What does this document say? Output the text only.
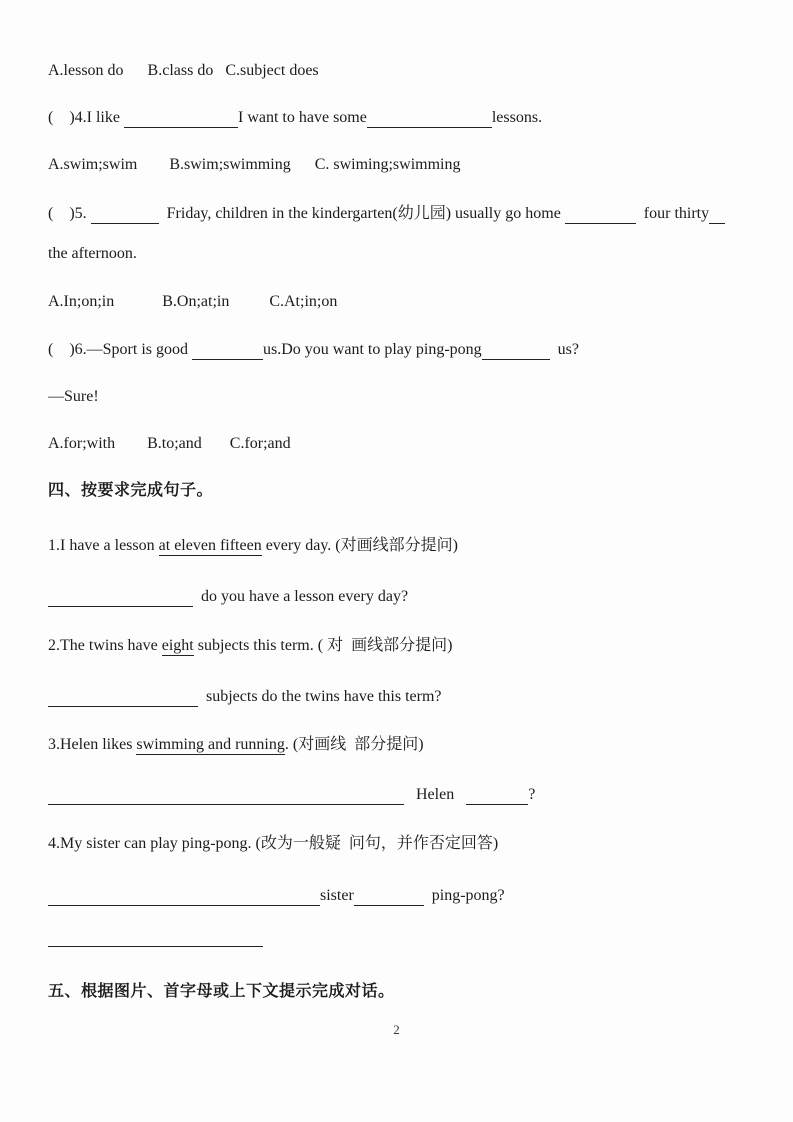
A.lesson do      B.class do   C.subject does
(    )4.I like	I want to have some	lessons.
A.swim;swim        B.swim;swimming      C. swiming;swimming
(    )5.	Friday, children in the kindergarten(幼儿园) usually go home	four thirty
the afternoon.
A.In;on;in            B.On;at;in          C.At;in;on
(    )6.—Sport is good	us.Do you want to play ping-pong	us?
—Sure!
A.for;with        B.to;and       C.for;and
四、按要求完成句子。
1.I have a lesson at eleven fifteen every day. (对画线部分提问)
do you have a lesson every day?
2.The twins have eight subjects this term. ( 对  画线部分提问)
subjects do the twins have this term?
3.Helen likes swimming and running. (对画线  部分提问)
Helen	?
4.My sister can play ping-pong. (改为一般疑  问句，并作否定回答)
sister	ping-pong?
五、根据图片、首字母或上下文提示完成对话。
2
